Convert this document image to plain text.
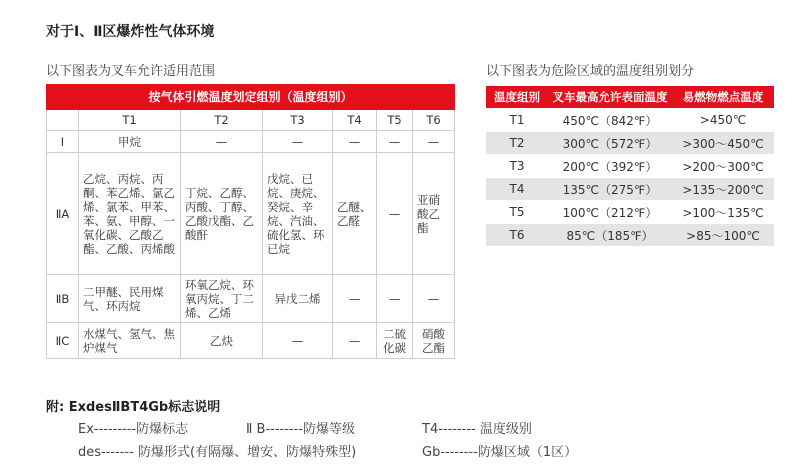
对于Ⅰ、Ⅱ区爆炸性气体环境
以下图表为叉车允许适用范围	以下图表为危险区域的温度组别划分
按气体引燃温度划定组别（温度组别）						
	T1	T2	T3	T4	T5	T6
Ⅰ	甲烷	—	—	—	—	—
ⅡA	乙烷、丙烷、丙酮、苯乙烯、氯乙烯、氯苯、甲苯、苯、氨、甲醇、一氧化碳、乙酸乙酯、乙酸、丙烯酸	丁烷、乙醇、丙酸、丁醇、乙酸戊酯、乙酸酐	戊烷、已烷、庚烷、癸烷、辛烷、汽油、硫化氢、环已烷	乙醚、乙醛	—	亚硝酸乙酯
ⅡB	二甲醚、民用煤气、环丙烷	环氧乙烷、环氧丙烷、丁二烯、乙烯	异戊二烯	—	—	—
ⅡC	水煤气、氢气、焦炉煤气	乙炔	—	—	二硫化碳	硝酸乙酯
温度组别	叉车最高允许表面温度	易燃物燃点温度
T1	450℃（842℉）	>450℃
T2	300℃（572℉）	>300～450℃
T3	200℃（392℉）	>200～300℃
T4	135℃（275℉）	>135～200℃
T5	100℃（212℉）	>100～135℃
T6	85℃（185℉）	>85～100℃
附: ExdesⅡBT4Gb标志说明
Ex---------防爆标志	Ⅱ B--------防爆等级	T4-------- 温度级别
des------- 防爆形式(有隔爆、增安、防爆特殊型)	Gb--------防爆区域（1区）
